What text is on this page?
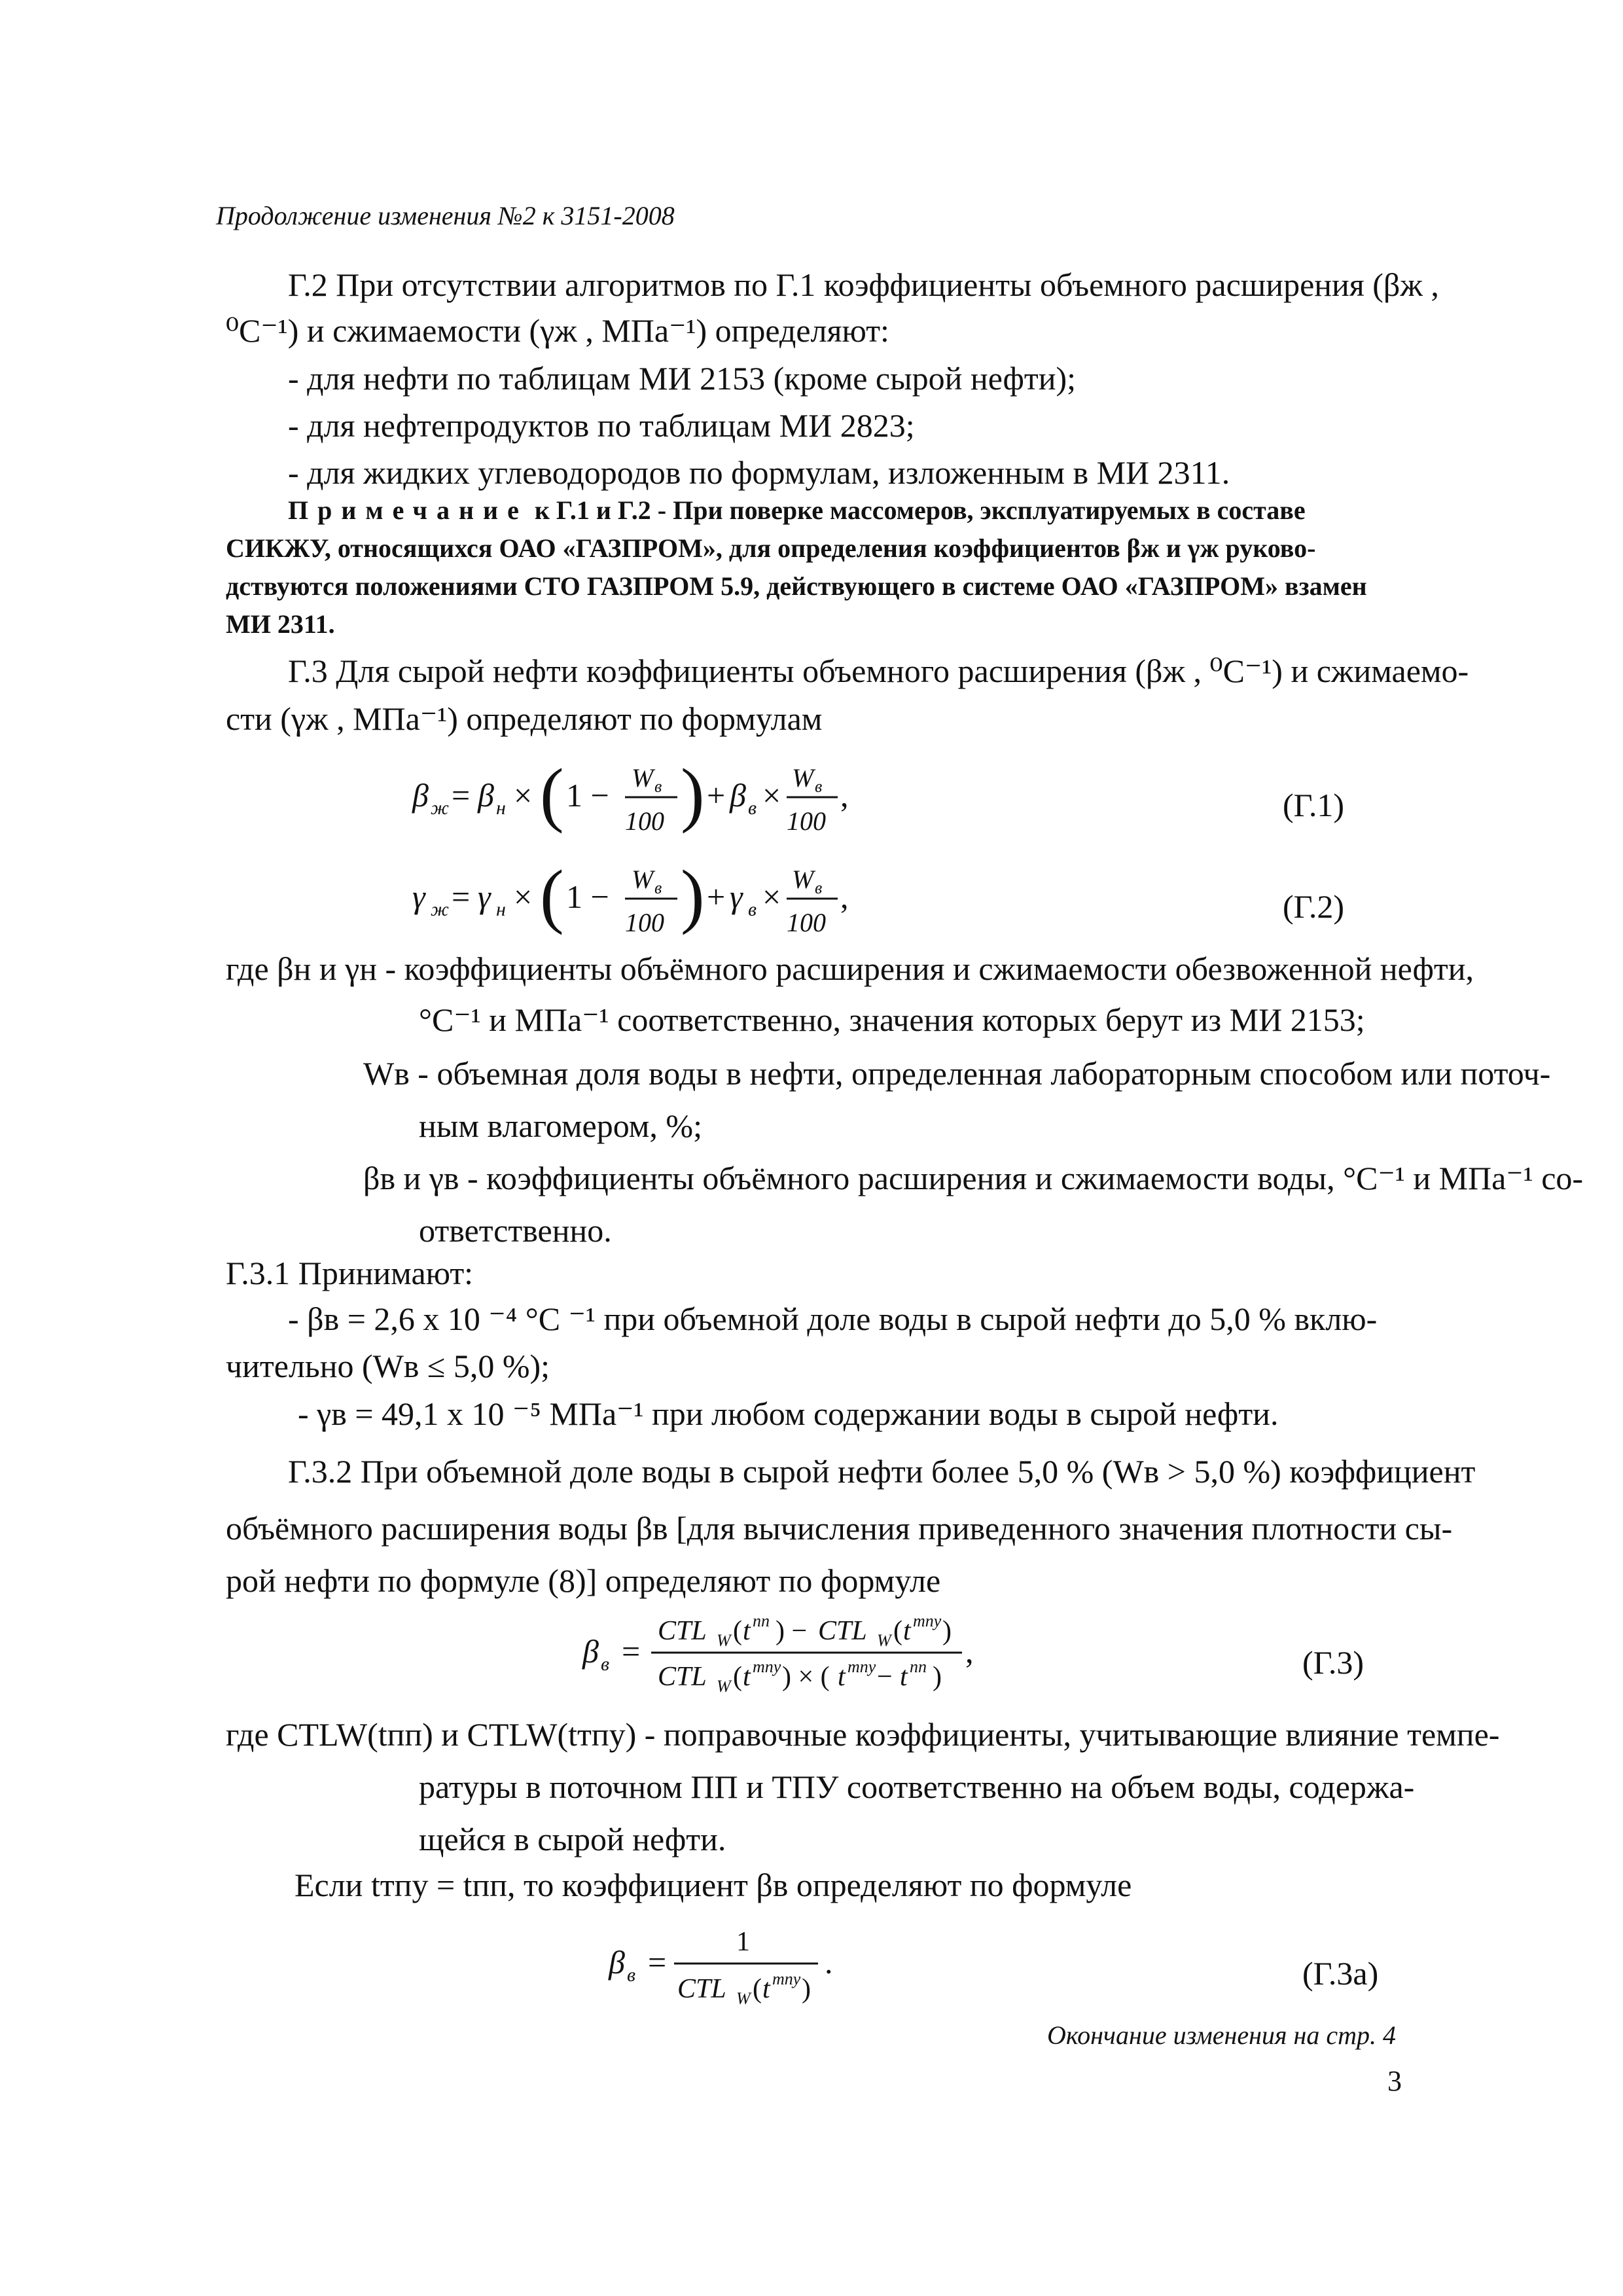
Продолжение изменения №2 к 3151-2008
Г.2 При отсутствии алгоритмов по Г.1 коэффициенты объемного расширения (βж ,
⁰С⁻¹) и сжимаемости (γж , МПа⁻¹) определяют:
- для нефти по таблицам МИ 2153 (кроме сырой нефти);
- для нефтепродуктов по таблицам МИ 2823;
- для жидких углеводородов по формулам, изложенным в МИ 2311.
Примечание к Г.1 и Г.2 - При поверке массомеров, эксплуатируемых в составе
СИКЖУ, относящихся ОАО «ГАЗПРОМ», для определения коэффициентов βж и γж руково-
дствуются положениями СТО ГАЗПРОМ 5.9, действующего в системе ОАО «ГАЗПРОМ» взамен
МИ 2311.
Г.3 Для сырой нефти коэффициенты объемного расширения (βж , ⁰С⁻¹) и сжимаемо-
сти (γж , МПа⁻¹) определяют по формулам
β ж = β н × ( 1 − W в
100 ) + β в × W в
100
,	(Г.1)
γ ж = γ н × ( 1 − W в
100 ) + γ в × W в
100
,	(Г.2)
где βн и γн - коэффициенты объёмного расширения и сжимаемости обезвоженной нефти,
°С⁻¹ и МПа⁻¹ соответственно, значения которых берут из МИ 2153;
Wв - объемная доля воды в нефти, определенная лабораторным способом или поточ-
ным влагомером, %;
βв и γв - коэффициенты объёмного расширения и сжимаемости воды, °С⁻¹ и МПа⁻¹ со-
ответственно.
Г.3.1 Принимают:
- βв = 2,6 х 10 ⁻⁴ °С ⁻¹ при объемной доле воды в сырой нефти до 5,0 % вклю-
чительно (Wв ≤ 5,0 %);
- γв = 49,1 х 10 ⁻⁵ МПа⁻¹ при любом содержании воды в сырой нефти.
Г.3.2 При объемной доле воды в сырой нефти более 5,0 % (Wв > 5,0 %) коэффициент
объёмного расширения воды βв [для вычисления приведенного значения плотности сы-
рой нефти по формуле (8)] определяют по формуле
β в =
CTL W ( t пп ) − CTL W ( t тпу )
CTL W ( t тпу ) × ( t тпу − t пп )
,	(Г.3)
где CTLW(tпп) и CTLW(tтпу) - поправочные коэффициенты, учитывающие влияние темпе-
ратуры в поточном ПП и ТПУ соответственно на объем воды, содержа-
щейся в сырой нефти.
Если tтпу = tпп, то коэффициент βв определяют по формуле
β в =
1
CTL W ( t тпу )
.	(Г.3а)
Окончание изменения на стр. 4
3
